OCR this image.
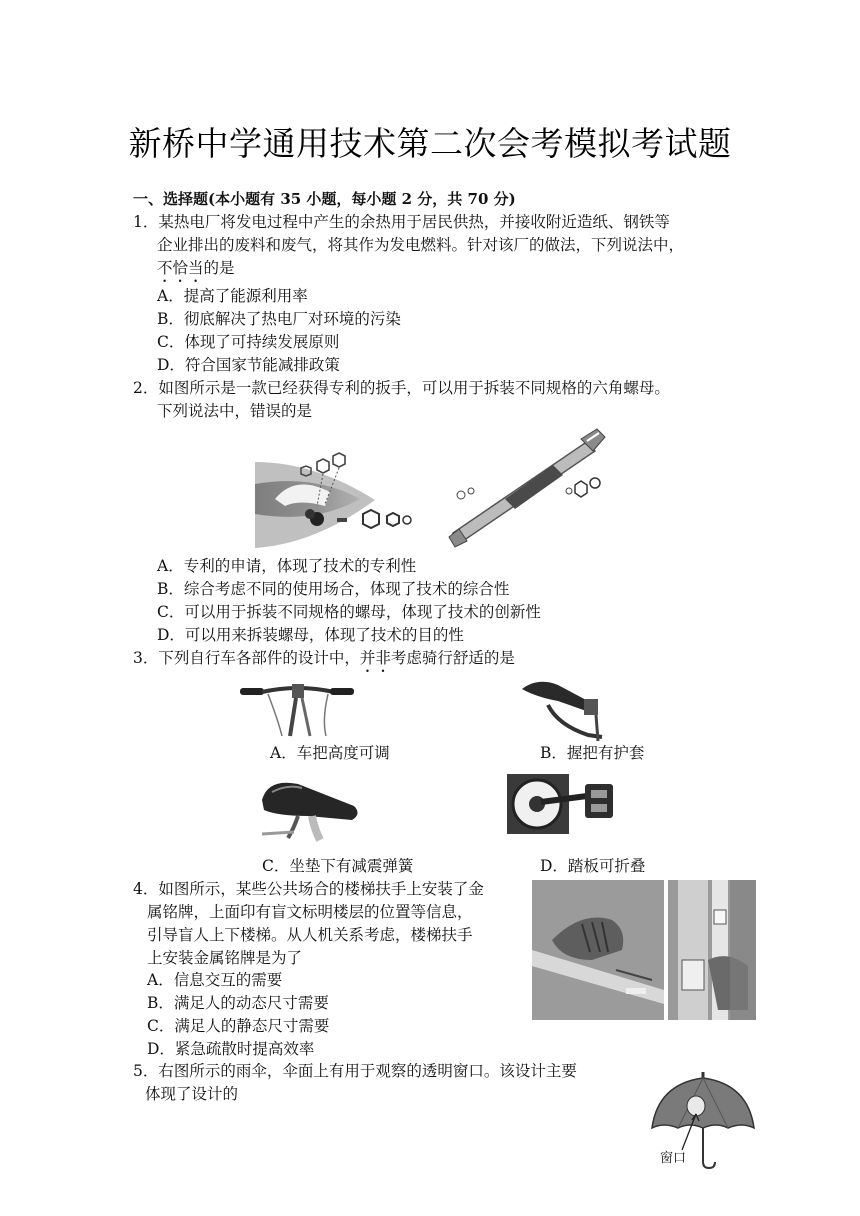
新桥中学通用技术第二次会考模拟考试题
一、选择题(本小题有 35 小题，每小题 2 分，共 70 分)
1．某热电厂将发电过程中产生的余热用于居民供热，并接收附近造纸、钢铁等
企业排出的废料和废气，将其作为发电燃料。针对该厂的做法，下列说法中，
不恰当的是
A．提高了能源利用率
B．彻底解决了热电厂对环境的污染
C．体现了可持续发展原则
D．符合国家节能减排政策
2．如图所示是一款已经获得专利的扳手，可以用于拆装不同规格的六角螺母。
下列说法中，错误的是
A．专利的申请，体现了技术的专利性
B．综合考虑不同的使用场合，体现了技术的综合性
C．可以用于拆装不同规格的螺母，体现了技术的创新性
D．可以用来拆装螺母，体现了技术的目的性
3．下列自行车各部件的设计中，并非考虑骑行舒适的是
A．车把高度可调	B．握把有护套
C．坐垫下有减震弹簧	D．踏板可折叠
4．如图所示，某些公共场合的楼梯扶手上安装了金
属铭牌，上面印有盲文标明楼层的位置等信息，
引导盲人上下楼梯。从人机关系考虑，楼梯扶手
上安装金属铭牌是为了
A．信息交互的需要
B．满足人的动态尺寸需要
C．满足人的静态尺寸需要
D．紧急疏散时提高效率
5．右图所示的雨伞，伞面上有用于观察的透明窗口。该设计主要
体现了设计的
窗口
